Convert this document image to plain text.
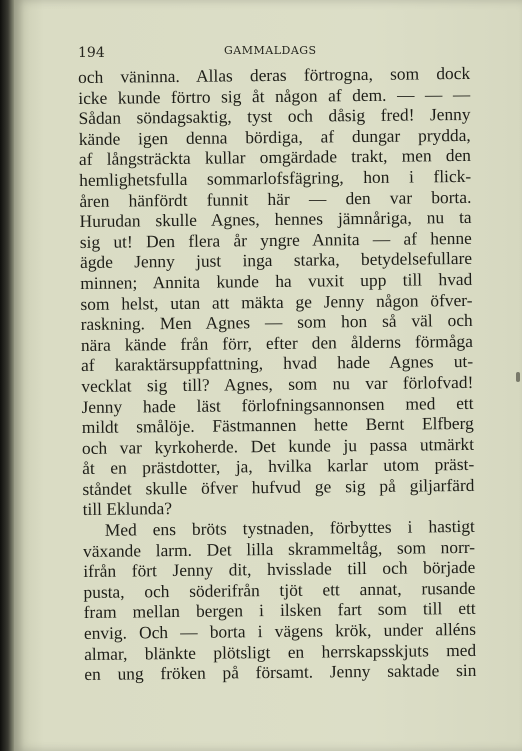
194	GAMMALDAGS
och väninna. Allas deras förtrogna, som dock
icke kunde förtro sig åt någon af dem. — — —
Sådan söndagsaktig, tyst och dåsig fred! Jenny
kände igen denna bördiga, af dungar prydda,
af långsträckta kullar omgärdade trakt, men den
hemlighetsfulla sommarlofsfägring, hon i flick-
åren hänfördt funnit här — den var borta.
Hurudan skulle Agnes, hennes jämnåriga, nu ta
sig ut! Den flera år yngre Annita — af henne
ägde Jenny just inga starka, betydelsefullare
minnen; Annita kunde ha vuxit upp till hvad
som helst, utan att mäkta ge Jenny någon öfver-
raskning. Men Agnes — som hon så väl och
nära kände från förr, efter den ålderns förmåga
af karaktärsuppfattning, hvad hade Agnes ut-
vecklat sig till? Agnes, som nu var förlofvad!
Jenny hade läst förlofningsannonsen med ett
mildt smålöje. Fästmannen hette Bernt Elfberg
och var kyrkoherde. Det kunde ju passa utmärkt
åt en prästdotter, ja, hvilka karlar utom präst-
ståndet skulle öfver hufvud ge sig på giljarfärd
till Eklunda?
Med ens bröts tystnaden, förbyttes i hastigt
växande larm. Det lilla skrammeltåg, som norr-
ifrån fört Jenny dit, hvisslade till och började
pusta, och söderifrån tjöt ett annat, rusande
fram mellan bergen i ilsken fart som till ett
envig. Och — borta i vägens krök, under alléns
almar, blänkte plötsligt en herrskapsskjuts med
en ung fröken på församt. Jenny saktade sin
